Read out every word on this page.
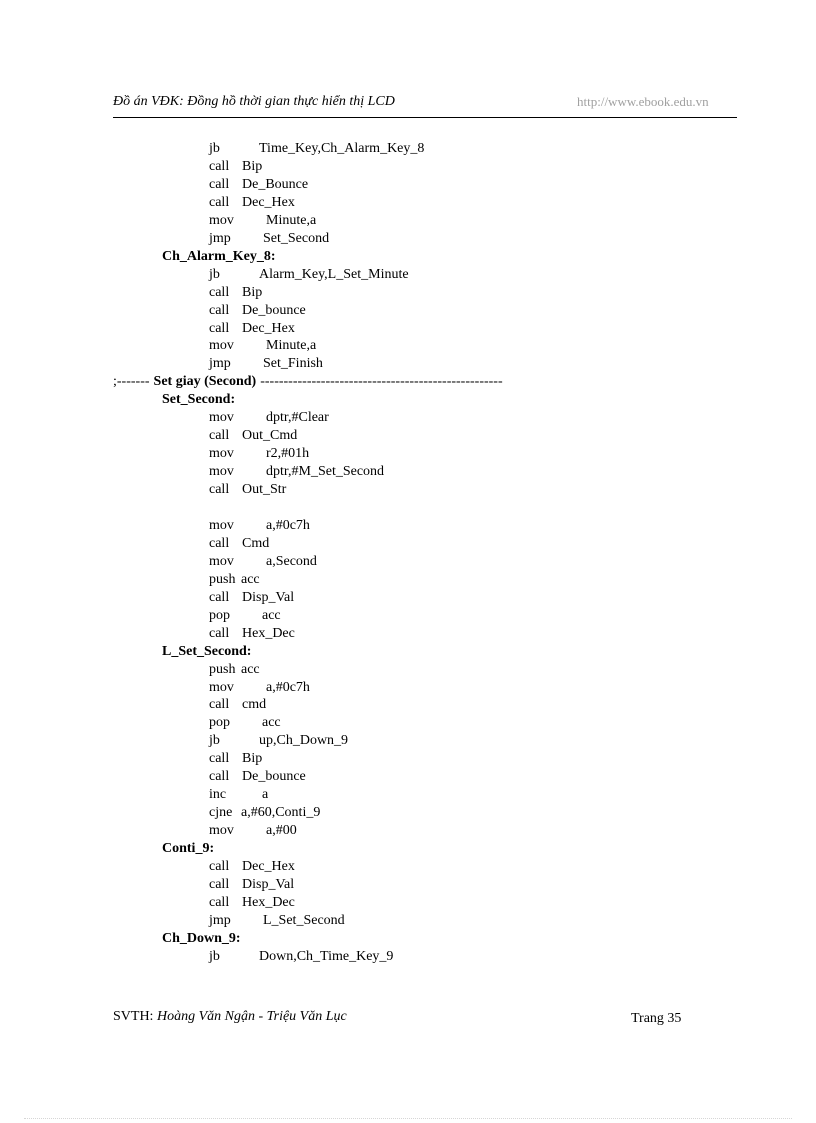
Đồ án VĐK: Đồng hồ thời gian thực hiển thị LCD	http://www.ebook.edu.vn
jb	Time_Key,Ch_Alarm_Key_8
call Bip
call De_Bounce
call Dec_Hex
mov Minute,a
jmp Set_Second
Ch_Alarm_Key_8:
jb	Alarm_Key,L_Set_Minute
call Bip
call De_bounce
call Dec_Hex
mov Minute,a
jmp Set_Finish
;------- Set giay (Second) ----------------------------------------------------
Set_Second:
mov dptr,#Clear
call Out_Cmd
mov r2,#01h
mov dptr,#M_Set_Second
call Out_Str
mov a,#0c7h
call Cmd
mov a,Second
push acc
call Disp_Val
pop acc
call Hex_Dec
L_Set_Second:
push acc
mov a,#0c7h
call cmd
pop acc
jb	up,Ch_Down_9
call Bip
call De_bounce
inc	a
cjne a,#60,Conti_9
mov a,#00
Conti_9:
call Dec_Hex
call Disp_Val
call Hex_Dec
jmp L_Set_Second
Ch_Down_9:
jb	Down,Ch_Time_Key_9
SVTH: Hoàng Văn Ngận - Triệu Văn Lục	Trang 35
